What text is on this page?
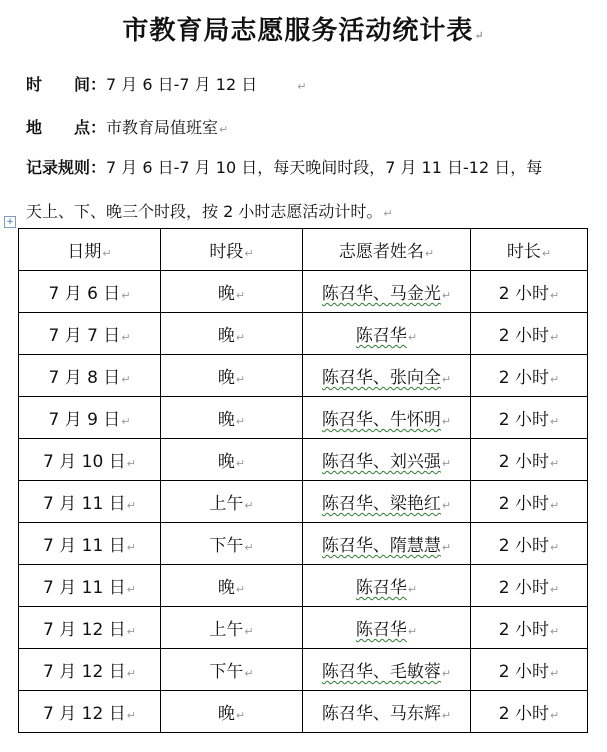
市教育局志愿服务活动统计表↵
时　　间：7 月 6 日-7 月 12 日	↵
地　　点：市教育局值班室↵
记录规则：7 月 6 日-7 月 10 日，每天晚间时段，7 月 11 日-12 日，每
天上、下、晚三个时段，按 2 小时志愿活动计时。↵
+
日期↵	时段↵	志愿者姓名↵	时长↵
7 月 6 日↵	晚↵	陈召华、马金光↵	2 小时↵
7 月 7 日↵	晚↵	陈召华↵	2 小时↵
7 月 8 日↵	晚↵	陈召华、张向全↵	2 小时↵
7 月 9 日↵	晚↵	陈召华、牛怀明↵	2 小时↵
7 月 10 日↵	晚↵	陈召华、刘兴强↵	2 小时↵
7 月 11 日↵	上午↵	陈召华、梁艳红↵	2 小时↵
7 月 11 日↵	下午↵	陈召华、隋慧慧↵	2 小时↵
7 月 11 日↵	晚↵	陈召华↵	2 小时↵
7 月 12 日↵	上午↵	陈召华↵	2 小时↵
7 月 12 日↵	下午↵	陈召华、毛敏蓉↵	2 小时↵
7 月 12 日↵	晚↵	陈召华、马东辉↵	2 小时↵
